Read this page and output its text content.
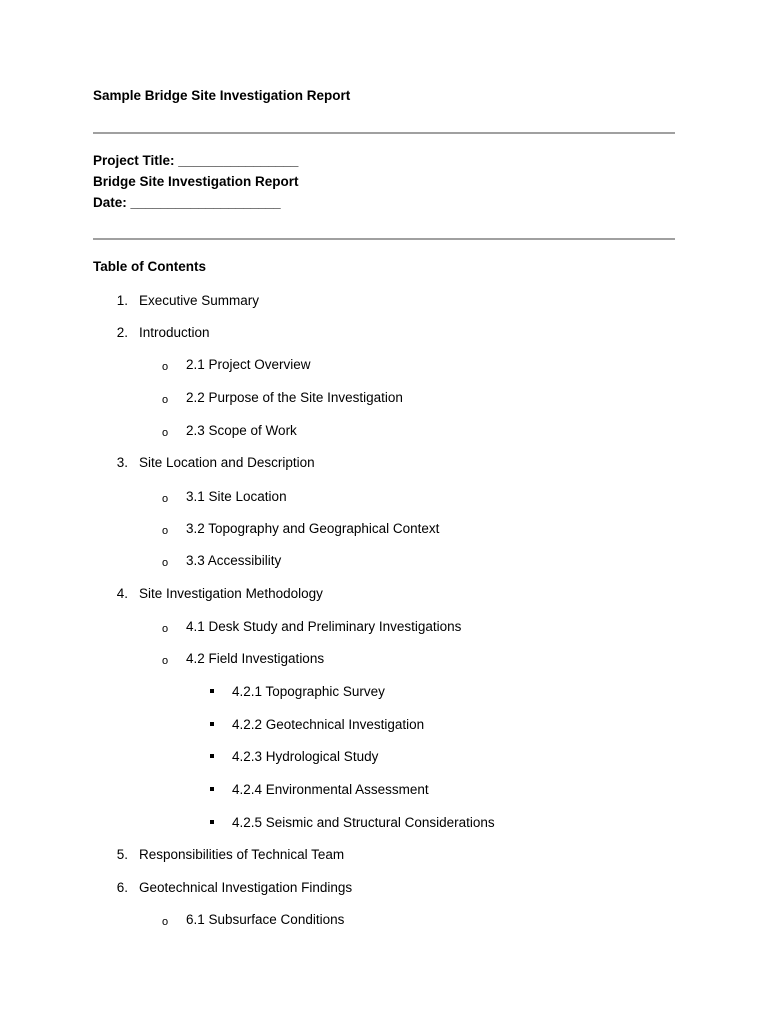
Sample Bridge Site Investigation Report
Project Title: ________________
Bridge Site Investigation Report
Date: ____________________
Table of Contents
1. Executive Summary
2. Introduction
o 2.1 Project Overview
o 2.2 Purpose of the Site Investigation
o 2.3 Scope of Work
3. Site Location and Description
o 3.1 Site Location
o 3.2 Topography and Geographical Context
o 3.3 Accessibility
4. Site Investigation Methodology
o 4.1 Desk Study and Preliminary Investigations
o 4.2 Field Investigations
4.2.1 Topographic Survey
4.2.2 Geotechnical Investigation
4.2.3 Hydrological Study
4.2.4 Environmental Assessment
4.2.5 Seismic and Structural Considerations
5. Responsibilities of Technical Team
6. Geotechnical Investigation Findings
o 6.1 Subsurface Conditions
